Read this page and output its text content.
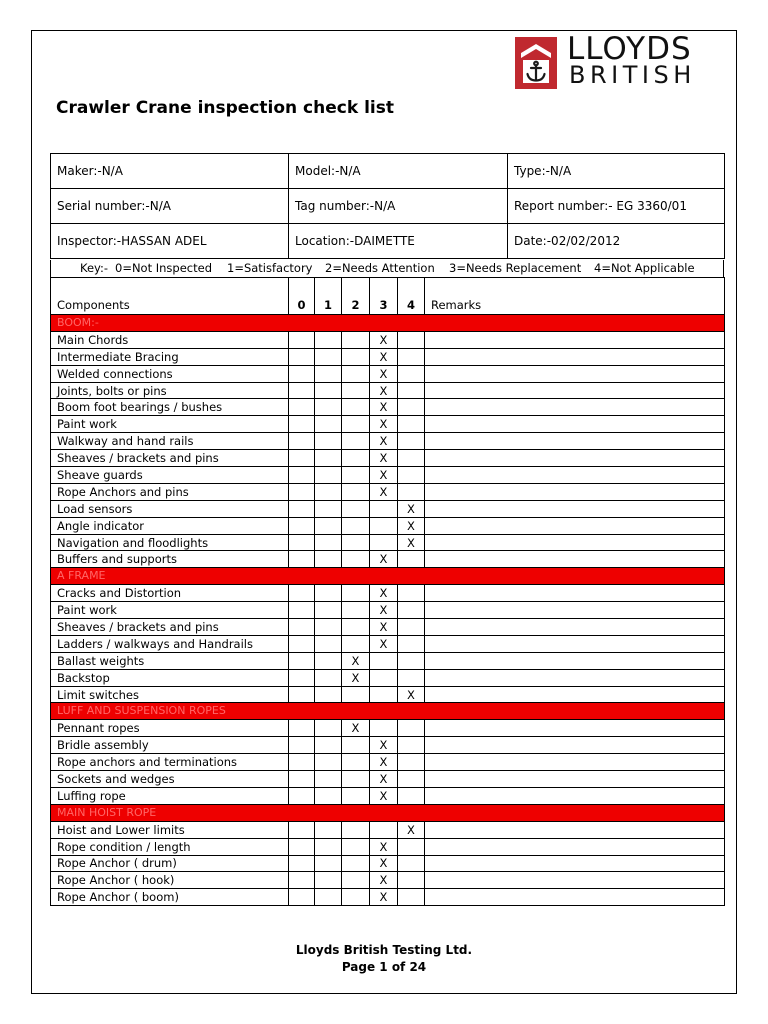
LLOYDS
BRITISH
Crawler Crane inspection check list
Maker:-N/A	Model:-N/A	Type:-N/A
Serial number:-N/A	Tag number:-N/A	Report number:- EG 3360/01
Inspector:-HASSAN ADEL	Location:-DAIMETTE	Date:-02/02/2012
Key:- 0=Not Inspected 1=Satisfactory 2=Needs Attention 3=Needs Replacement 4=Not Applicable
Components	0	1	2	3	4	Remarks
BOOM:-						
Main Chords				X		
Intermediate Bracing				X		
Welded connections				X		
Joints, bolts or pins				X		
Boom foot bearings / bushes				X		
Paint work				X		
Walkway and hand rails				X		
Sheaves / brackets and pins				X		
Sheave guards				X		
Rope Anchors and pins				X		
Load sensors					X	
Angle indicator					X	
Navigation and floodlights					X	
Buffers and supports				X		
A FRAME						
Cracks and Distortion				X		
Paint work				X		
Sheaves / brackets and pins				X		
Ladders / walkways and Handrails				X		
Ballast weights			X			
Backstop			X			
Limit switches					X	
LUFF AND SUSPENSION ROPES						
Pennant ropes			X			
Bridle assembly				X		
Rope anchors and terminations				X		
Sockets and wedges				X		
Luffing rope				X		
MAIN HOIST ROPE						
Hoist and Lower limits					X	
Rope condition / length				X		
Rope Anchor ( drum)				X		
Rope Anchor ( hook)				X		
Rope Anchor ( boom)				X		
Lloyds British Testing Ltd.
Page 1 of 24
